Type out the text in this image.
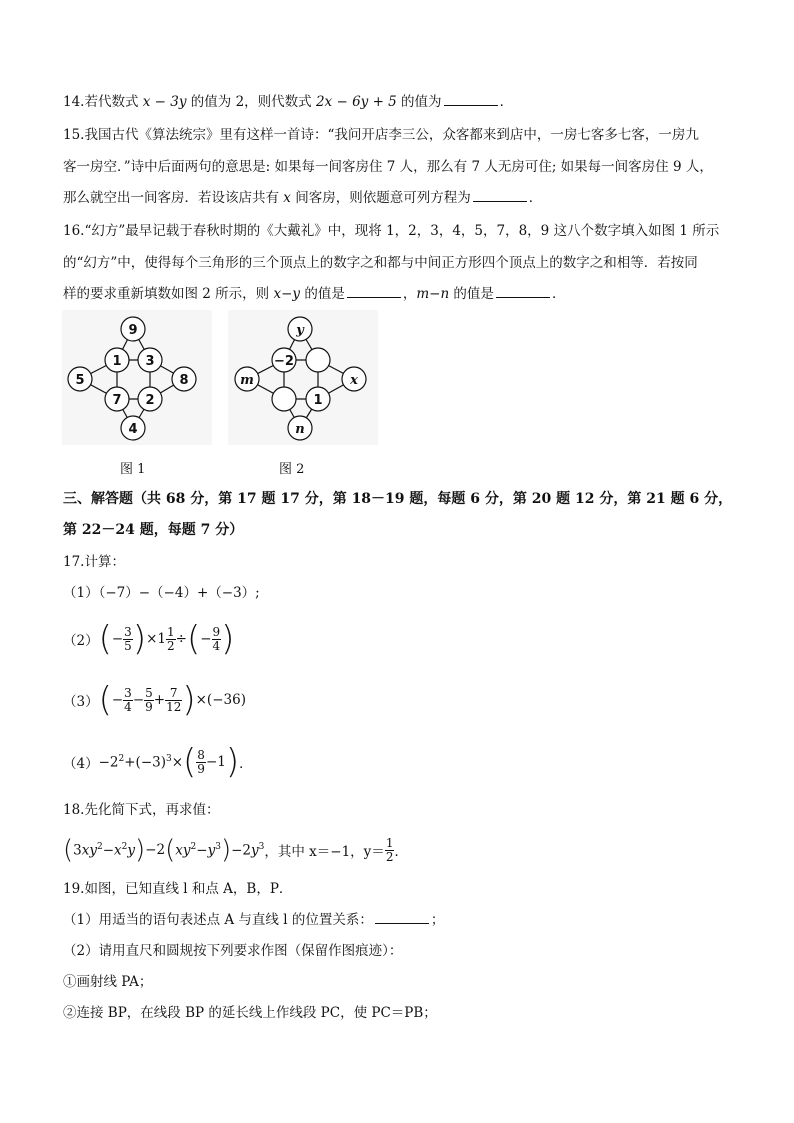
14.若代数式 x − 3y 的值为 2，则代数式 2x − 6y + 5 的值为	．
15.我国古代《算法统宗》里有这样一首诗：“我问开店李三公，众客都来到店中，一房七客多七客，一房九
客一房空．”诗中后面两句的意思是: 如果每一间客房住 7 人，那么有 7 人无房可住; 如果每一间客房住 9 人，
那么就空出一间客房．若设该店共有 x 间客房，则依题意可列方程为	．
16.“幻方”最早记载于春秋时期的《大戴礼》中，现将 1，2，3，4，5，7，8，9 这八个数字填入如图 1 所示
的“幻方”中，使得每个三角形的三个顶点上的数字之和都与中间正方形四个顶点上的数字之和相等．若按同
样的要求重新填数如图 2 所示，则 x−y 的值是	，m−n 的值是	．
9
1 3
5	8
7 2
4
图 1
y
m	x
n
−2
1
图 2
三、解答题（共 68 分，第 17 题 17 分，第 18－19 题，每题 6 分，第 20 题 12 分，第 21 题 6 分，
第 22－24 题，每题 7 分）
17.计算：
（1）（−7）−（−4）+（−3）;
（2） ( − $\frac{3}{5}$ ) $\times 1 \frac{1}{2}$ ÷ ( − $\frac{9}{4}$ )
（3） ( − $\frac{3}{4} - \frac{5}{9} + \frac{7}{12}$ ) ×(−36)
$(4) -2^2+(-3)^3\times$ ( $\frac{8}{9} -1$ ) ．
18.先化简下式，再求值：
( $3xy^2-x^2y$ ) −2 ( $xy^2-y^3$ ) $-2y^3$ ，其中 x＝−1，$y= \frac{1}{2}$ ．
19.如图，已知直线 l 和点 A，B，P．
（1）用适当的语句表述点 A 与直线 l 的位置关系：	；
（2）请用直尺和圆规按下列要求作图（保留作图痕迹）：
①画射线 PA；
②连接 BP，在线段 BP 的延长线上作线段 PC，使 PC＝PB；
